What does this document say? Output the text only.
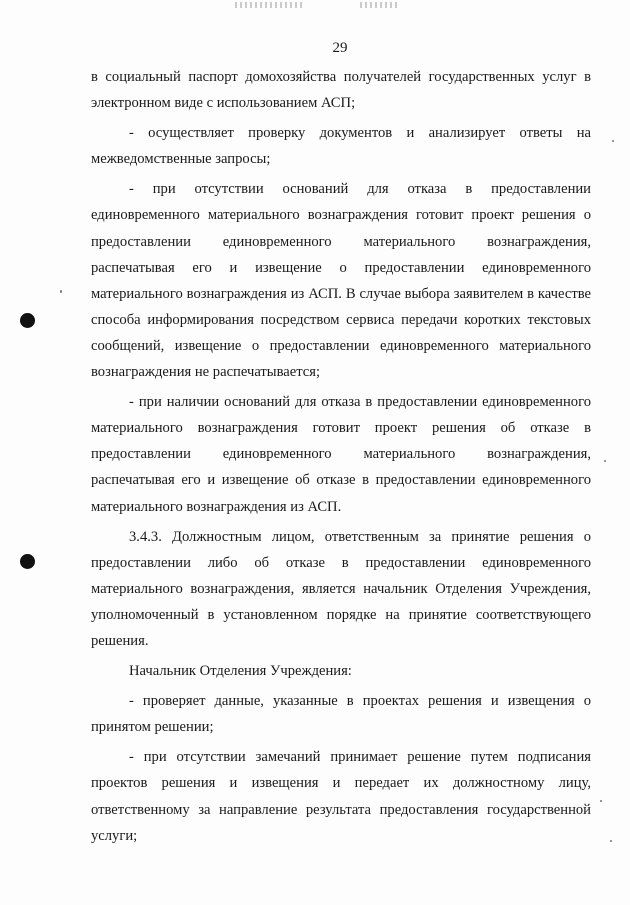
29

в социальный паспорт домохозяйства получателей государственных услуг в электронном виде с использованием АСП;

- осуществляет проверку документов и анализирует ответы на межведомственные запросы;

- при отсутствии оснований для отказа в предоставлении единовременного материального вознаграждения готовит проект решения о предоставлении единовременного материального вознаграждения, распечатывая его и извещение о предоставлении единовременного материального вознаграждения из АСП. В случае выбора заявителем в качестве способа информирования посредством сервиса передачи коротких текстовых сообщений, извещение о предоставлении единовременного материального вознаграждения не распечатывается;

- при наличии оснований для отказа в предоставлении единовременного материального вознаграждения готовит проект решения об отказе в предоставлении единовременного материального вознаграждения, распечатывая его и извещение об отказе в предоставлении единовременного материального вознаграждения из АСП.

3.4.3. Должностным лицом, ответственным за принятие решения о предоставлении либо об отказе в предоставлении единовременного материального вознаграждения, является начальник Отделения Учреждения, уполномоченный в установленном порядке на принятие соответствующего решения.

Начальник Отделения Учреждения:

- проверяет данные, указанные в проектах решения и извещения о принятом решении;

- при отсутствии замечаний принимает решение путем подписания проектов решения и извещения и передает их должностному лицу, ответственному за направление результата предоставления государственной услуги;
